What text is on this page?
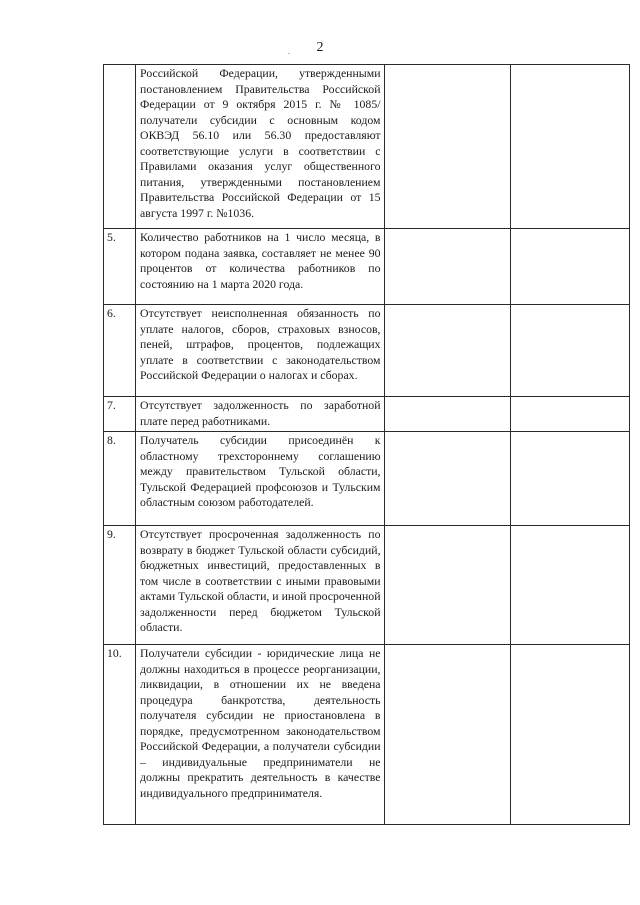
2
.
	Российской Федерации, утвержденными постановлением Правительства Российской Федерации от 9 октября 2015 г. № 1085/ получатели субсидии с основным кодом ОКВЭД 56.10 или 56.30 предоставляют соответствующие услуги в соответствии с Правилами оказания услуг общественного питания, утвержденными постановлением Правительства Российской Федерации от 15 августа 1997 г. №1036.		
5.	Количество работников на 1 число месяца, в котором подана заявка, составляет не менее 90 процентов от количества работников по состоянию на 1 марта 2020 года.		
6.	Отсутствует неисполненная обязанность по уплате налогов, сборов, страховых взносов, пеней, штрафов, процентов, подлежащих уплате в соответствии с законодательством Российской Федерации о налогах и сборах.		
7.	Отсутствует задолженность по заработной плате перед работниками.		
8.	Получатель субсидии присоединён к областному трехстороннему соглашению между правительством Тульской области, Тульской Федерацией профсоюзов и Тульским областным союзом работодателей.		
9.	Отсутствует просроченная задолженность по возврату в бюджет Тульской области субсидий, бюджетных инвестиций, предоставленных в том числе в соответствии с иными правовыми актами Тульской области, и иной просроченной задолженности перед бюджетом Тульской области.		
10.	Получатели субсидии - юридические лица не должны находиться в процессе реорганизации, ликвидации, в отношении их не введена процедура банкротства, деятельность получателя субсидии не приостановлена в порядке, предусмотренном законодательством Российской Федерации, а получатели субсидии – индивидуальные предприниматели не должны прекратить деятельность в качестве индивидуального предпринимателя.		
